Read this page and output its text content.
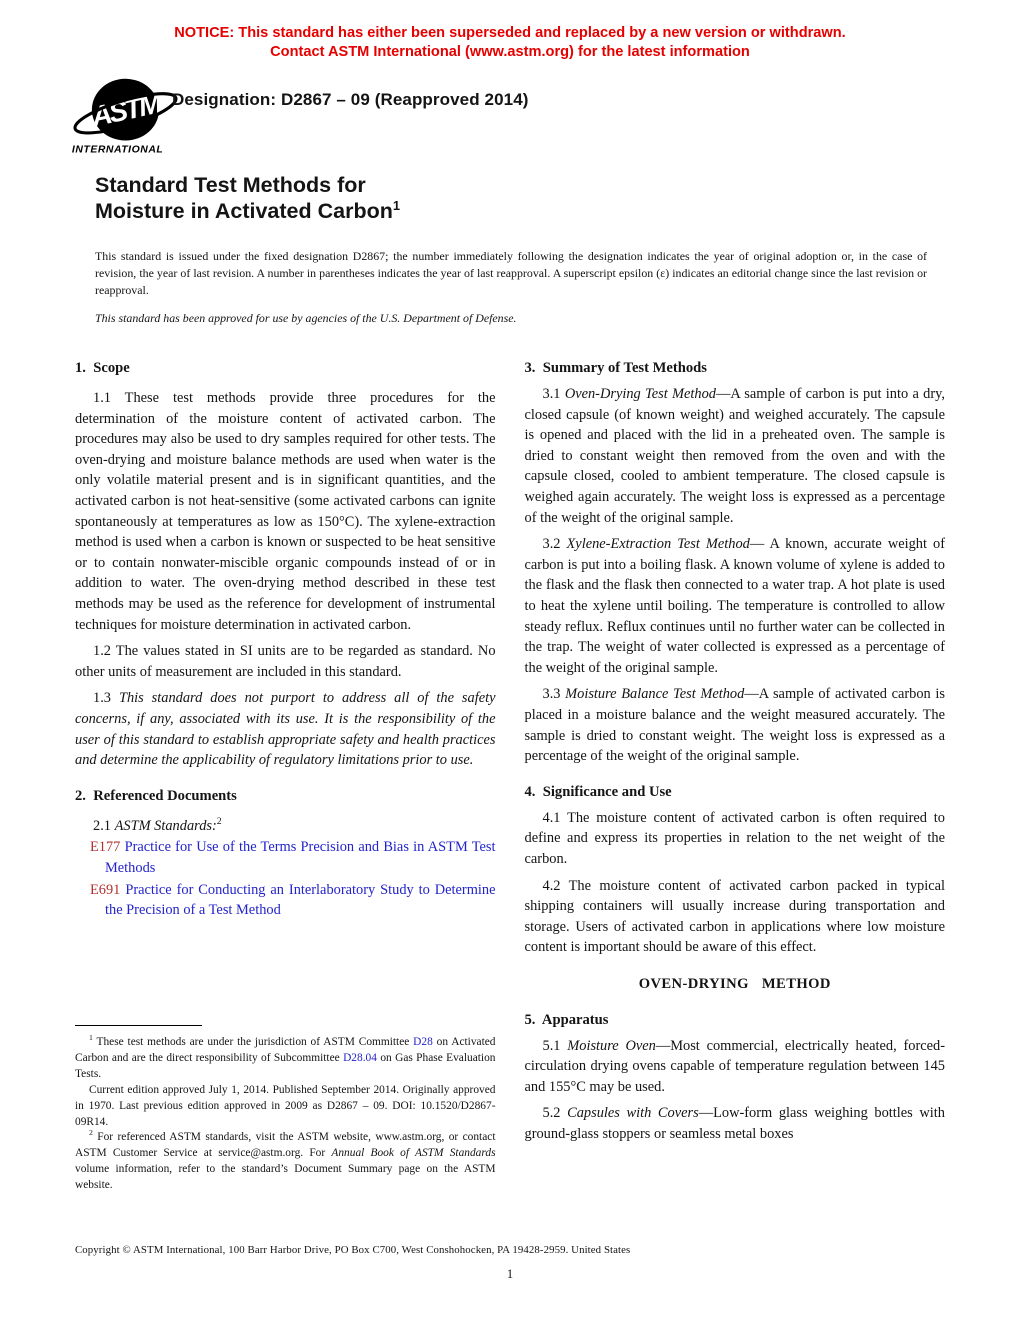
NOTICE: This standard has either been superseded and replaced by a new version or withdrawn.
Contact ASTM International (www.astm.org) for the latest information
ASTM
INTERNATIONAL
Designation: D2867 – 09 (Reapproved 2014)
Standard Test Methods for
Moisture in Activated Carbon$^1$
This standard is issued under the fixed designation D2867; the number immediately following the designation indicates the year of original adoption or, in the case of revision, the year of last revision. A number in parentheses indicates the year of last reapproval. A superscript epsilon (ε) indicates an editorial change since the last revision or reapproval.
This standard has been approved for use by agencies of the U.S. Department of Defense.
1.  Scope

1.1 These test methods provide three procedures for the determination of the moisture content of activated carbon. The procedures may also be used to dry samples required for other tests. The oven-drying and moisture balance methods are used when water is the only volatile material present and is in significant quantities, and the activated carbon is not heat-sensitive (some activated carbons can ignite spontaneously at temperatures as low as 150°C). The xylene-extraction method is used when a carbon is known or suspected to be heat sensitive or to contain nonwater-miscible organic compounds instead of or in addition to water. The oven-drying method described in these test methods may be used as the reference for development of instrumental techniques for moisture determination in activated carbon.

1.2 The values stated in SI units are to be regarded as standard. No other units of measurement are included in this standard.

1.3 This standard does not purport to address all of the safety concerns, if any, associated with its use. It is the responsibility of the user of this standard to establish appropriate safety and health practices and determine the applicability of regulatory limitations prior to use.

2.  Referenced Documents

2.1 ASTM Standards:$^2$

E177 Practice for Use of the Terms Precision and Bias in ASTM Test Methods
E691 Practice for Conducting an Interlaboratory Study to Determine the Precision of a Test Method

$^1$ These test methods are under the jurisdiction of ASTM Committee D28 on Activated Carbon and are the direct responsibility of Subcommittee D28.04 on Gas Phase Evaluation Tests.

Current edition approved July 1, 2014. Published September 2014. Originally approved in 1970. Last previous edition approved in 2009 as D2867 – 09. DOI: 10.1520/D2867-09R14.

$^2$ For referenced ASTM standards, visit the ASTM website, www.astm.org, or contact ASTM Customer Service at service@astm.org. For Annual Book of ASTM Standards volume information, refer to the standard’s Document Summary page on the ASTM website.

3.  Summary of Test Methods

3.1 Oven-Drying Test Method—A sample of carbon is put into a dry, closed capsule (of known weight) and weighed accurately. The capsule is opened and placed with the lid in a preheated oven. The sample is dried to constant weight then removed from the oven and with the capsule closed, cooled to ambient temperature. The closed capsule is weighed again accurately. The weight loss is expressed as a percentage of the weight of the original sample.

3.2 Xylene-Extraction Test Method— A known, accurate weight of carbon is put into a boiling flask. A known volume of xylene is added to the flask and the flask then connected to a water trap. A hot plate is used to heat the xylene until boiling. The temperature is controlled to allow steady reflux. Reflux continues until no further water can be collected in the trap. The weight of water collected is expressed as a percentage of the weight of the original sample.

3.3 Moisture Balance Test Method—A sample of activated carbon is placed in a moisture balance and the weight measured accurately. The sample is dried to constant weight. The weight loss is expressed as a percentage of the weight of the original sample.

4.  Significance and Use

4.1 The moisture content of activated carbon is often required to define and express its properties in relation to the net weight of the carbon.

4.2 The moisture content of activated carbon packed in typical shipping containers will usually increase during transportation and storage. Users of activated carbon in applications where low moisture content is important should be aware of this effect.

OVEN-DRYING METHOD
5.  Apparatus

5.1 Moisture Oven—Most commercial, electrically heated, forced-circulation drying ovens capable of temperature regulation between 145 and 155°C may be used.

5.2 Capsules with Covers—Low-form glass weighing bottles with ground-glass stoppers or seamless metal boxes

Copyright © ASTM International, 100 Barr Harbor Drive, PO Box C700, West Conshohocken, PA 19428-2959. United States
1
